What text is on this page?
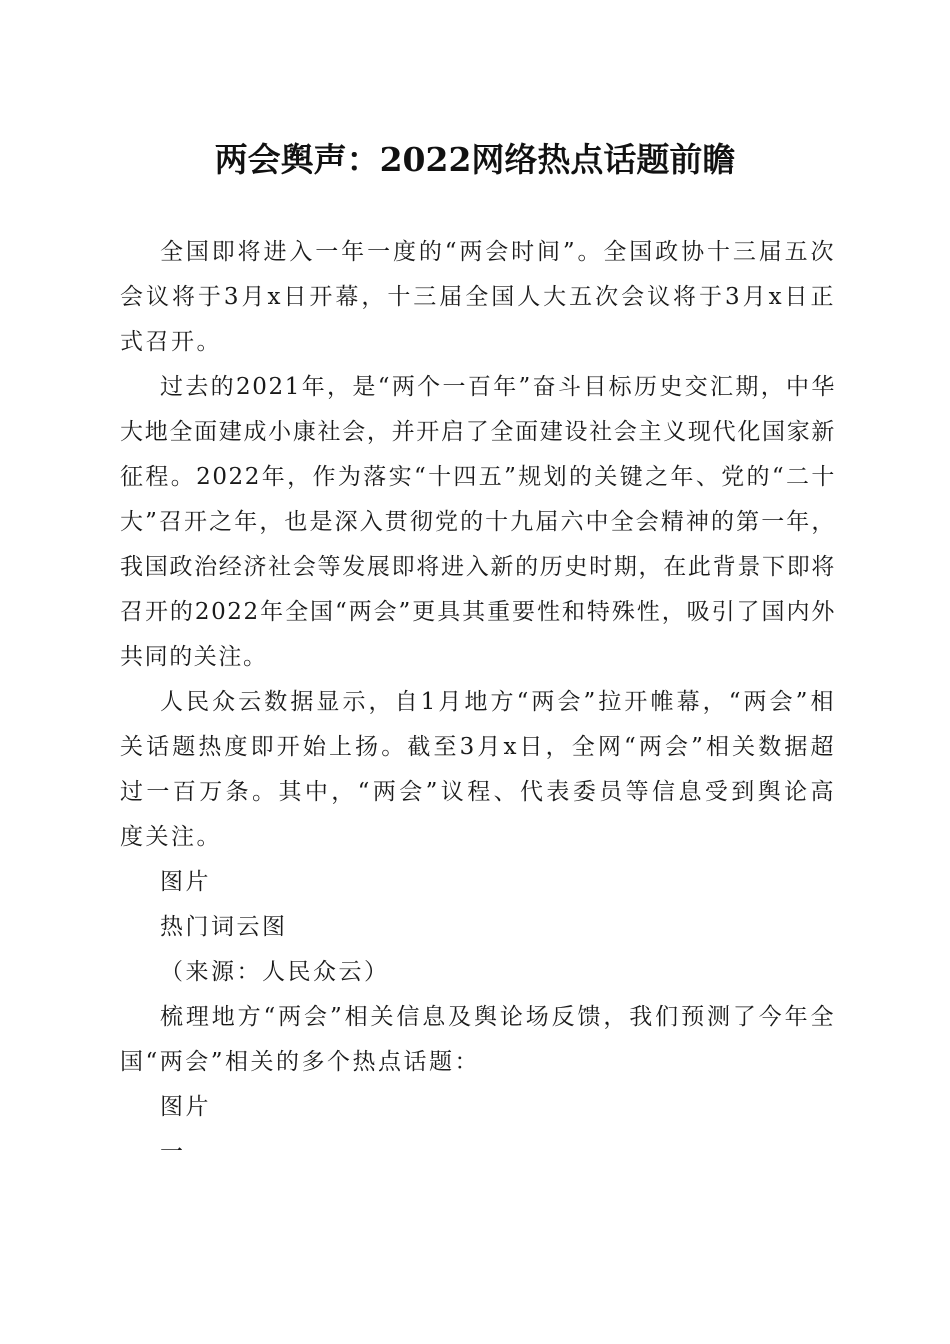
两会舆声：2022网络热点话题前瞻

全国即将进入一年一度的“两会时间”。全国政协十三届五次会议将于3月x日开幕，十三届全国人大五次会议将于3月x日正式召开。

过去的2021年，是“两个一百年”奋斗目标历史交汇期，中华大地全面建成小康社会，并开启了全面建设社会主义现代化国家新征程。2022年，作为落实“十四五”规划的关键之年、党的“二十大”召开之年，也是深入贯彻党的十九届六中全会精神的第一年，我国政治经济社会等发展即将进入新的历史时期，在此背景下即将召开的2022年全国“两会”更具其重要性和特殊性，吸引了国内外共同的关注。

人民众云数据显示，自1月地方“两会”拉开帷幕，“两会”相关话题热度即开始上扬。截至3月x日，全网“两会”相关数据超过一百万条。其中，“两会”议程、代表委员等信息受到舆论高度关注。

图片

热门词云图

（来源：人民众云）

梳理地方“两会”相关信息及舆论场反馈，我们预测了今年全国“两会”相关的多个热点话题：

图片

一
